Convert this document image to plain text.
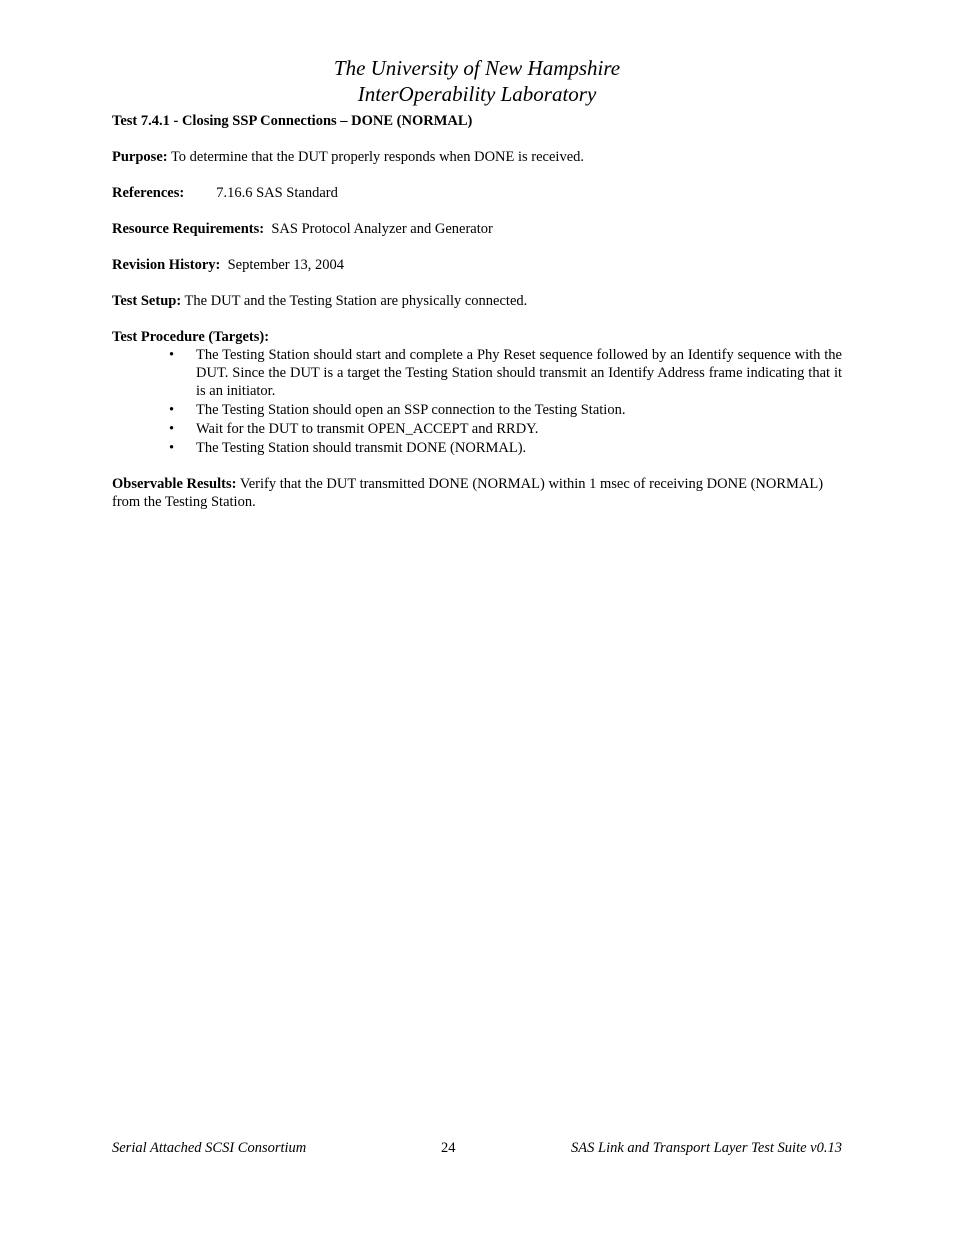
The University of New Hampshire
InterOperability Laboratory

Test 7.4.1 - Closing SSP Connections – DONE (NORMAL)

Purpose: To determine that the DUT properly responds when DONE is received.

References: 7.16.6 SAS Standard

Resource Requirements:  SAS Protocol Analyzer and Generator

Revision History:  September 13, 2004

Test Setup: The DUT and the Testing Station are physically connected.

Test Procedure (Targets):

• The Testing Station should start and complete a Phy Reset sequence followed by an Identify sequence with the DUT. Since the DUT is a target the Testing Station should transmit an Identify Address frame indicating that it is an initiator.
• The Testing Station should open an SSP connection to the Testing Station.
• Wait for the DUT to transmit OPEN_ACCEPT and RRDY.
• The Testing Station should transmit DONE (NORMAL).

Observable Results: Verify that the DUT transmitted DONE (NORMAL) within 1 msec of receiving DONE (NORMAL) from the Testing Station.

Serial Attached SCSI Consortium	24	SAS Link and Transport Layer Test Suite v0.13
